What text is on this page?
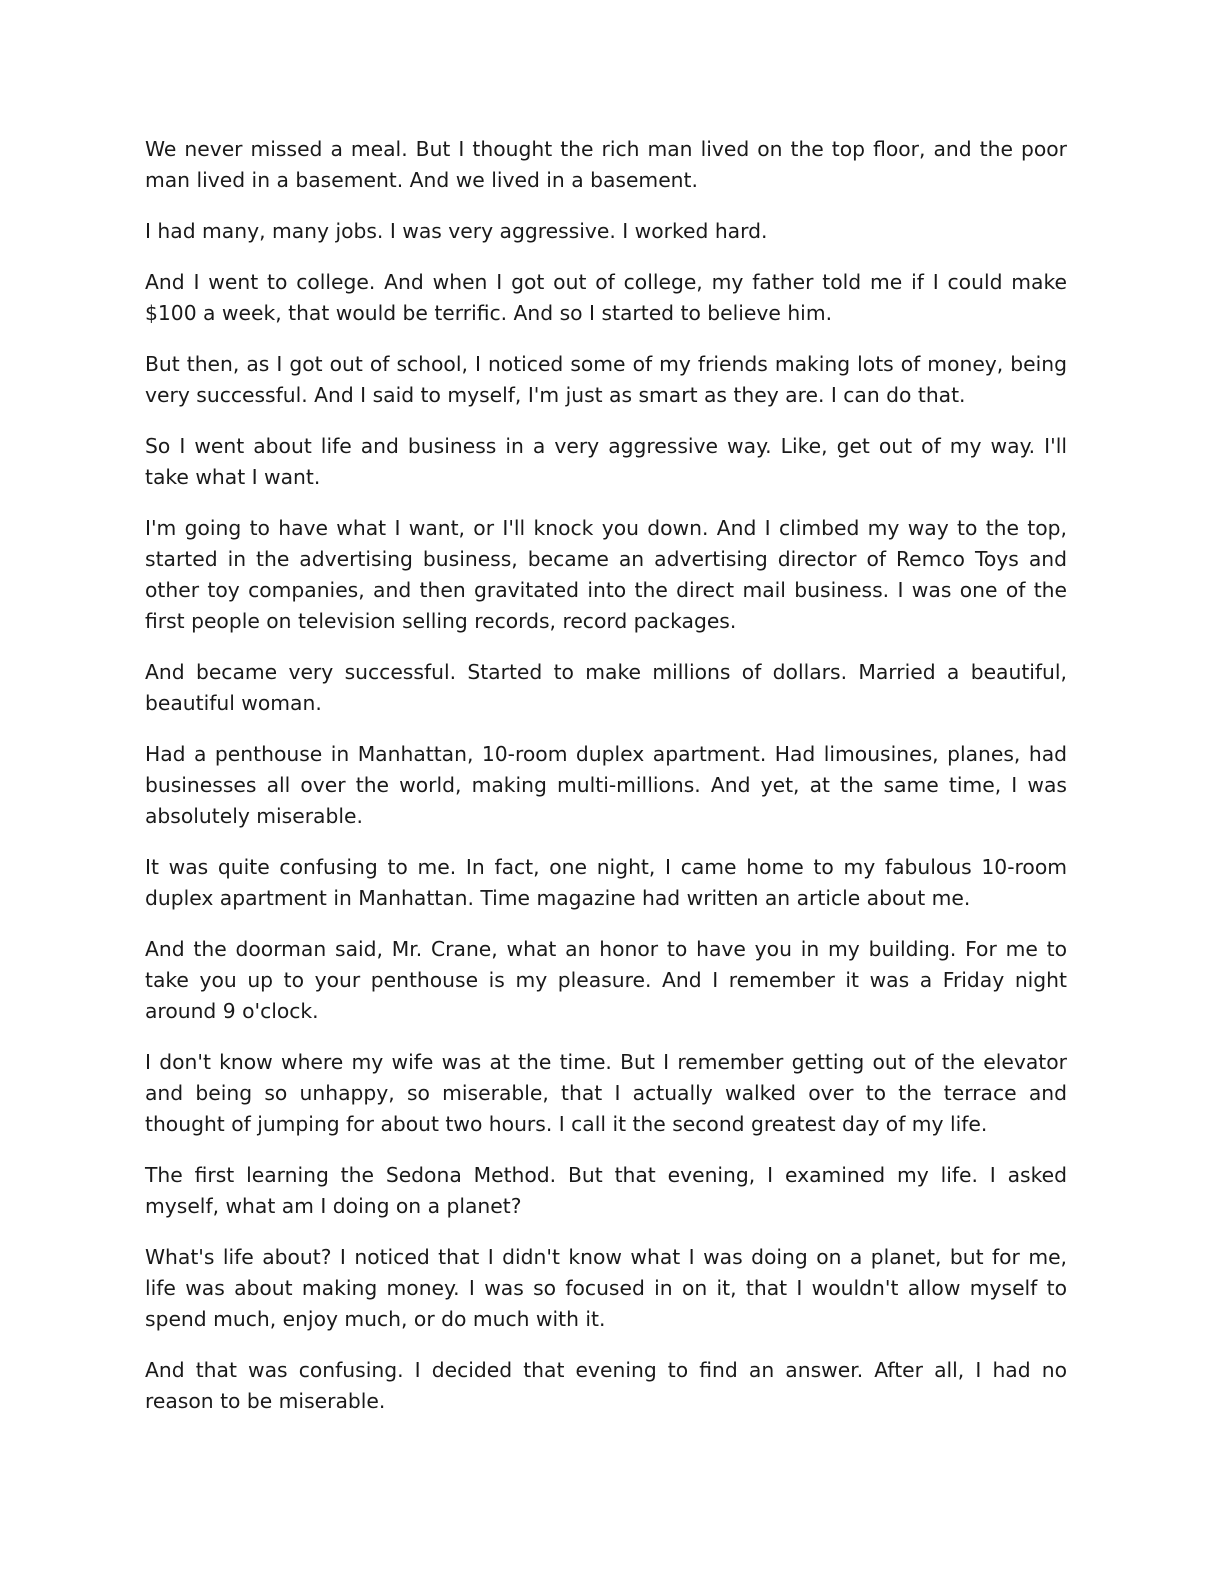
We never missed a meal. But I thought the rich man lived on the top floor, and the poor man lived in a basement. And we lived in a basement.

I had many, many jobs. I was very aggressive. I worked hard.

And I went to college. And when I got out of college, my father told me if I could make $100 a week, that would be terrific. And so I started to believe him.

But then, as I got out of school, I noticed some of my friends making lots of money, being very successful. And I said to myself, I'm just as smart as they are. I can do that.

So I went about life and business in a very aggressive way. Like, get out of my way. I'll take what I want.

I'm going to have what I want, or I'll knock you down. And I climbed my way to the top, started in the advertising business, became an advertising director of Remco Toys and other toy companies, and then gravitated into the direct mail business. I was one of the first people on television selling records, record packages.

And became very successful. Started to make millions of dollars. Married a beautiful, beautiful woman.

Had a penthouse in Manhattan, 10-room duplex apartment. Had limousines, planes, had businesses all over the world, making multi-millions. And yet, at the same time, I was absolutely miserable.

It was quite confusing to me. In fact, one night, I came home to my fabulous 10-room duplex apartment in Manhattan. Time magazine had written an article about me.

And the doorman said, Mr. Crane, what an honor to have you in my building. For me to take you up to your penthouse is my pleasure. And I remember it was a Friday night around 9 o'clock.

I don't know where my wife was at the time. But I remember getting out of the elevator and being so unhappy, so miserable, that I actually walked over to the terrace and thought of jumping for about two hours. I call it the second greatest day of my life.

The first learning the Sedona Method. But that evening, I examined my life. I asked myself, what am I doing on a planet?

What's life about? I noticed that I didn't know what I was doing on a planet, but for me, life was about making money. I was so focused in on it, that I wouldn't allow myself to spend much, enjoy much, or do much with it.

And that was confusing. I decided that evening to find an answer. After all, I had no reason to be miserable.
